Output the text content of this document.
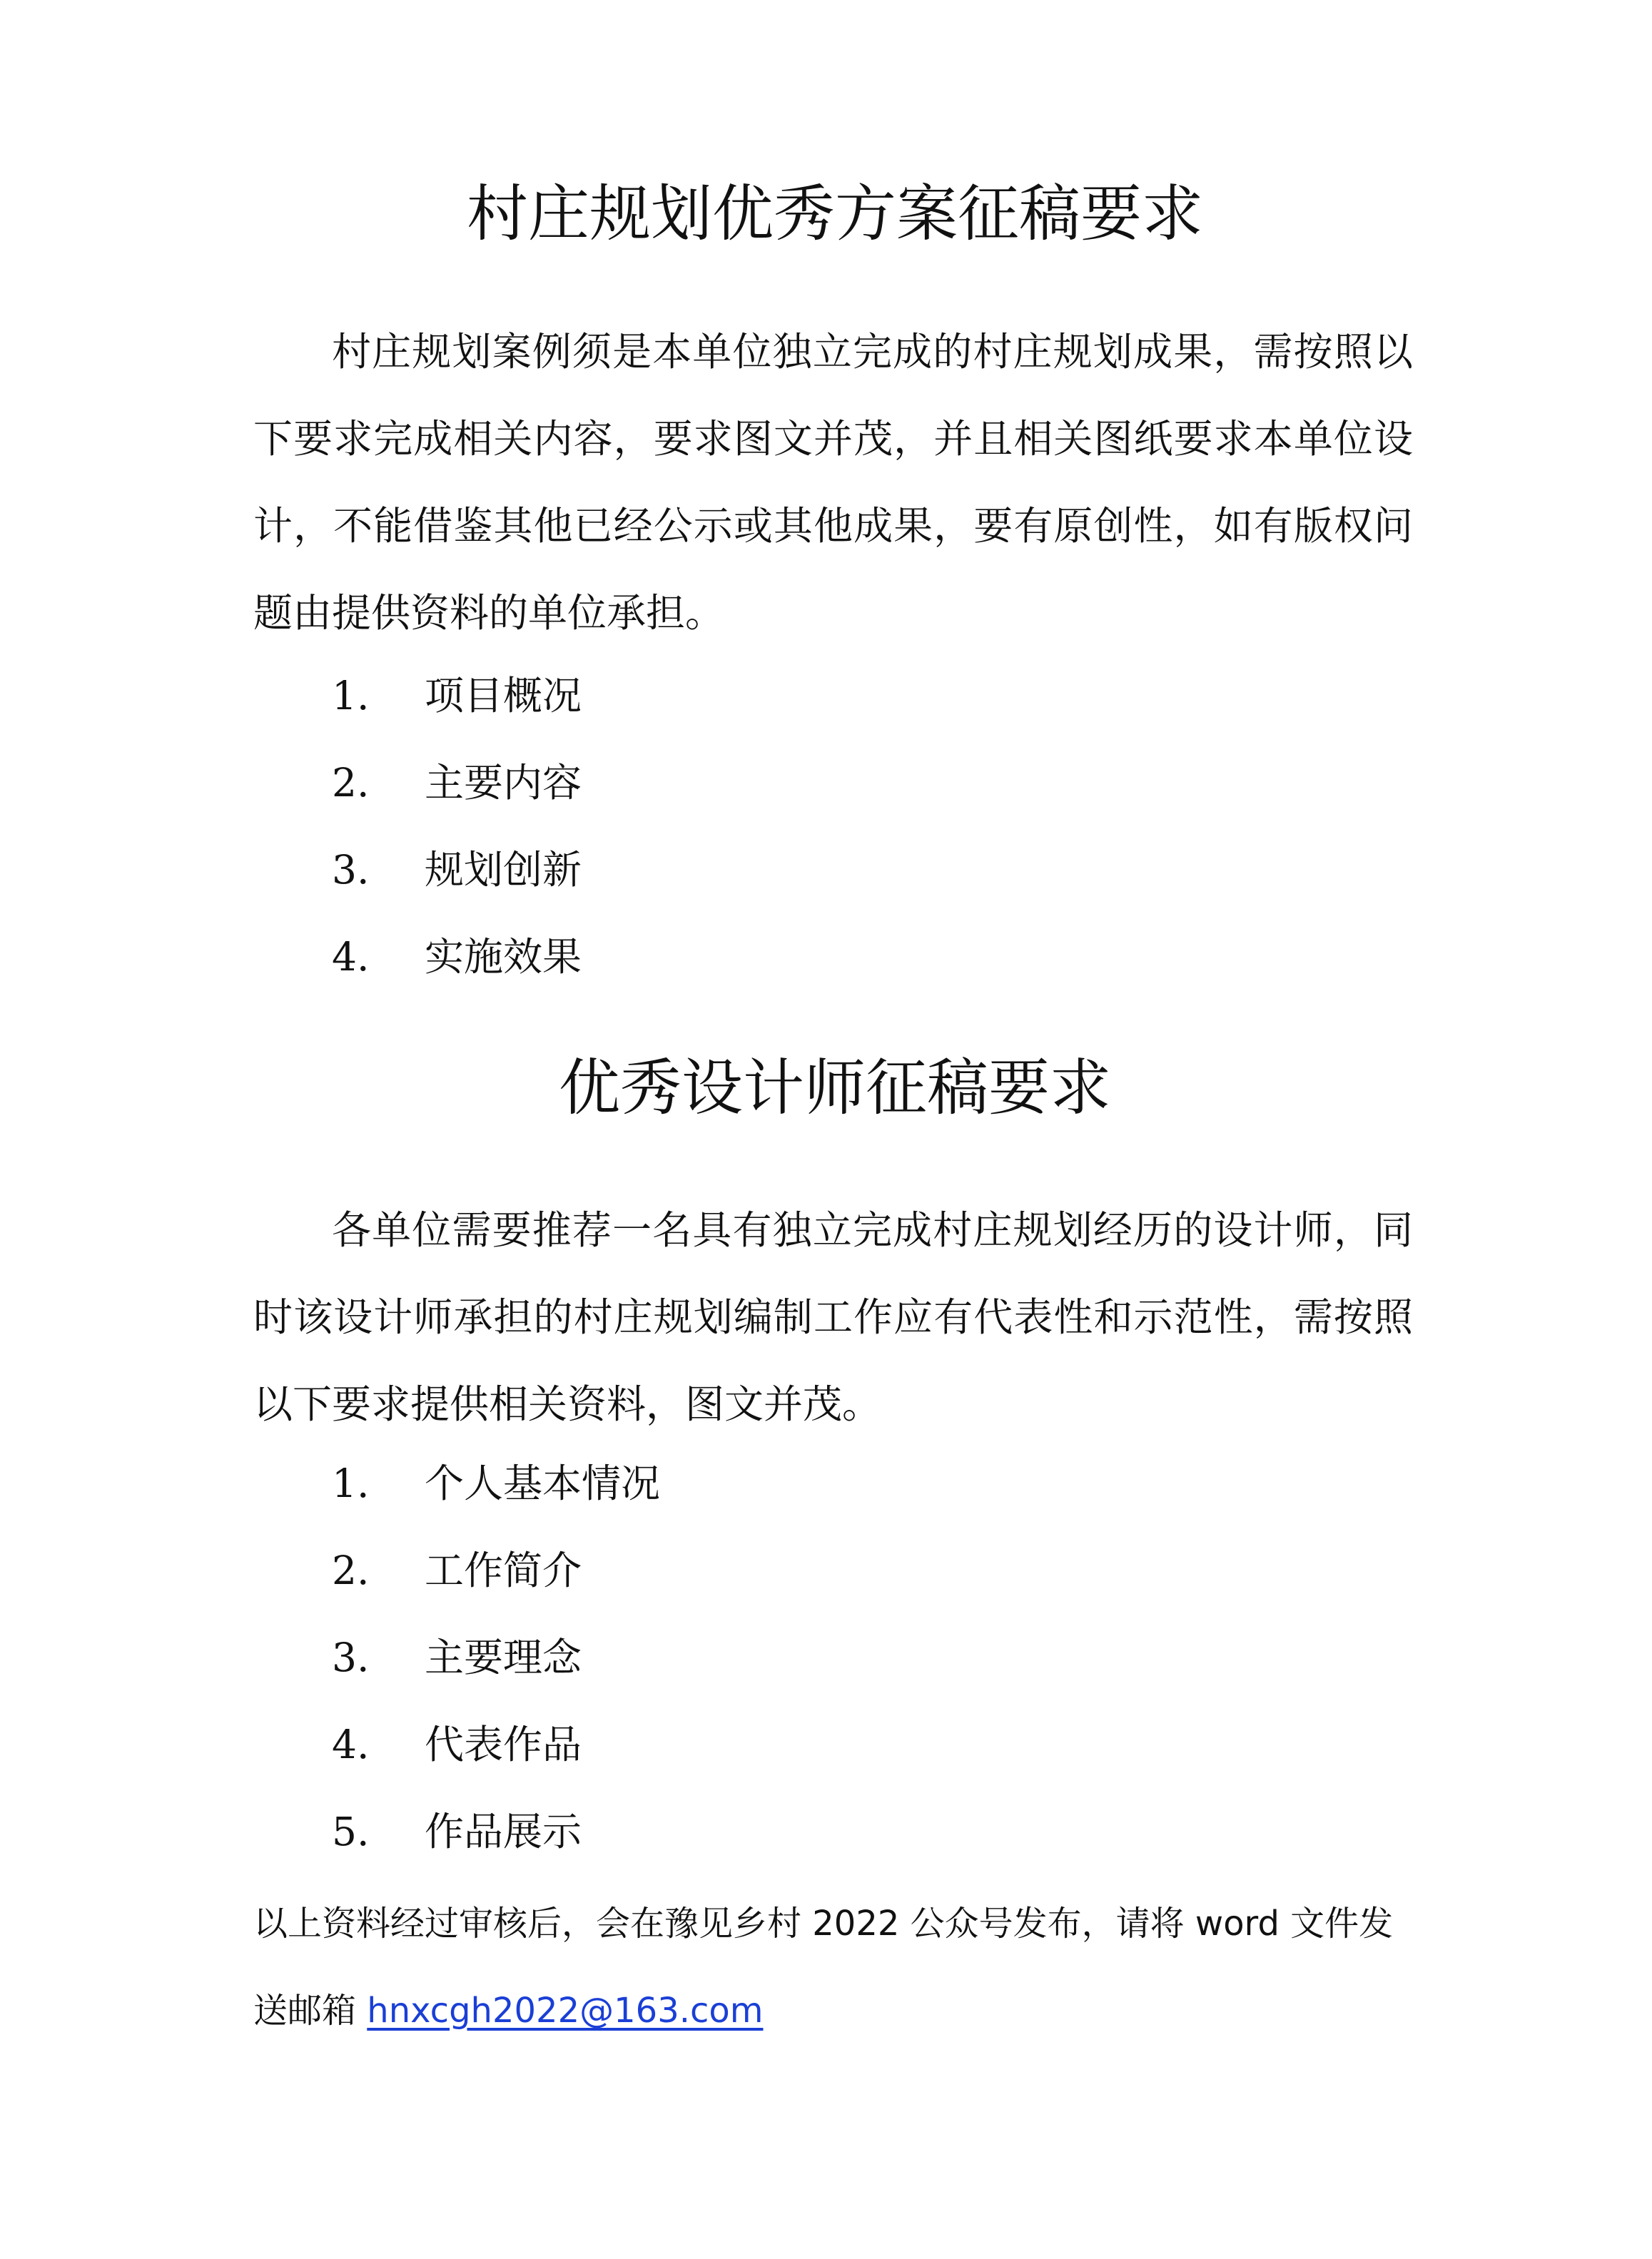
村庄规划优秀方案征稿要求

村庄规划案例须是本单位独立完成的村庄规划成果，需按照以下要求完成相关内容，要求图文并茂，并且相关图纸要求本单位设计，不能借鉴其他已经公示或其他成果，要有原创性，如有版权问题由提供资料的单位承担。

1. 项目概况
2. 主要内容
3. 规划创新
4. 实施效果
优秀设计师征稿要求

各单位需要推荐一名具有独立完成村庄规划经历的设计师，同时该设计师承担的村庄规划编制工作应有代表性和示范性，需按照以下要求提供相关资料，图文并茂。

1. 个人基本情况
2. 工作简介
3. 主要理念
4. 代表作品
5. 作品展示

以上资料经过审核后，会在豫见乡村 2022 公众号发布，请将 word 文件发

送邮箱 hnxcgh2022@163.com
